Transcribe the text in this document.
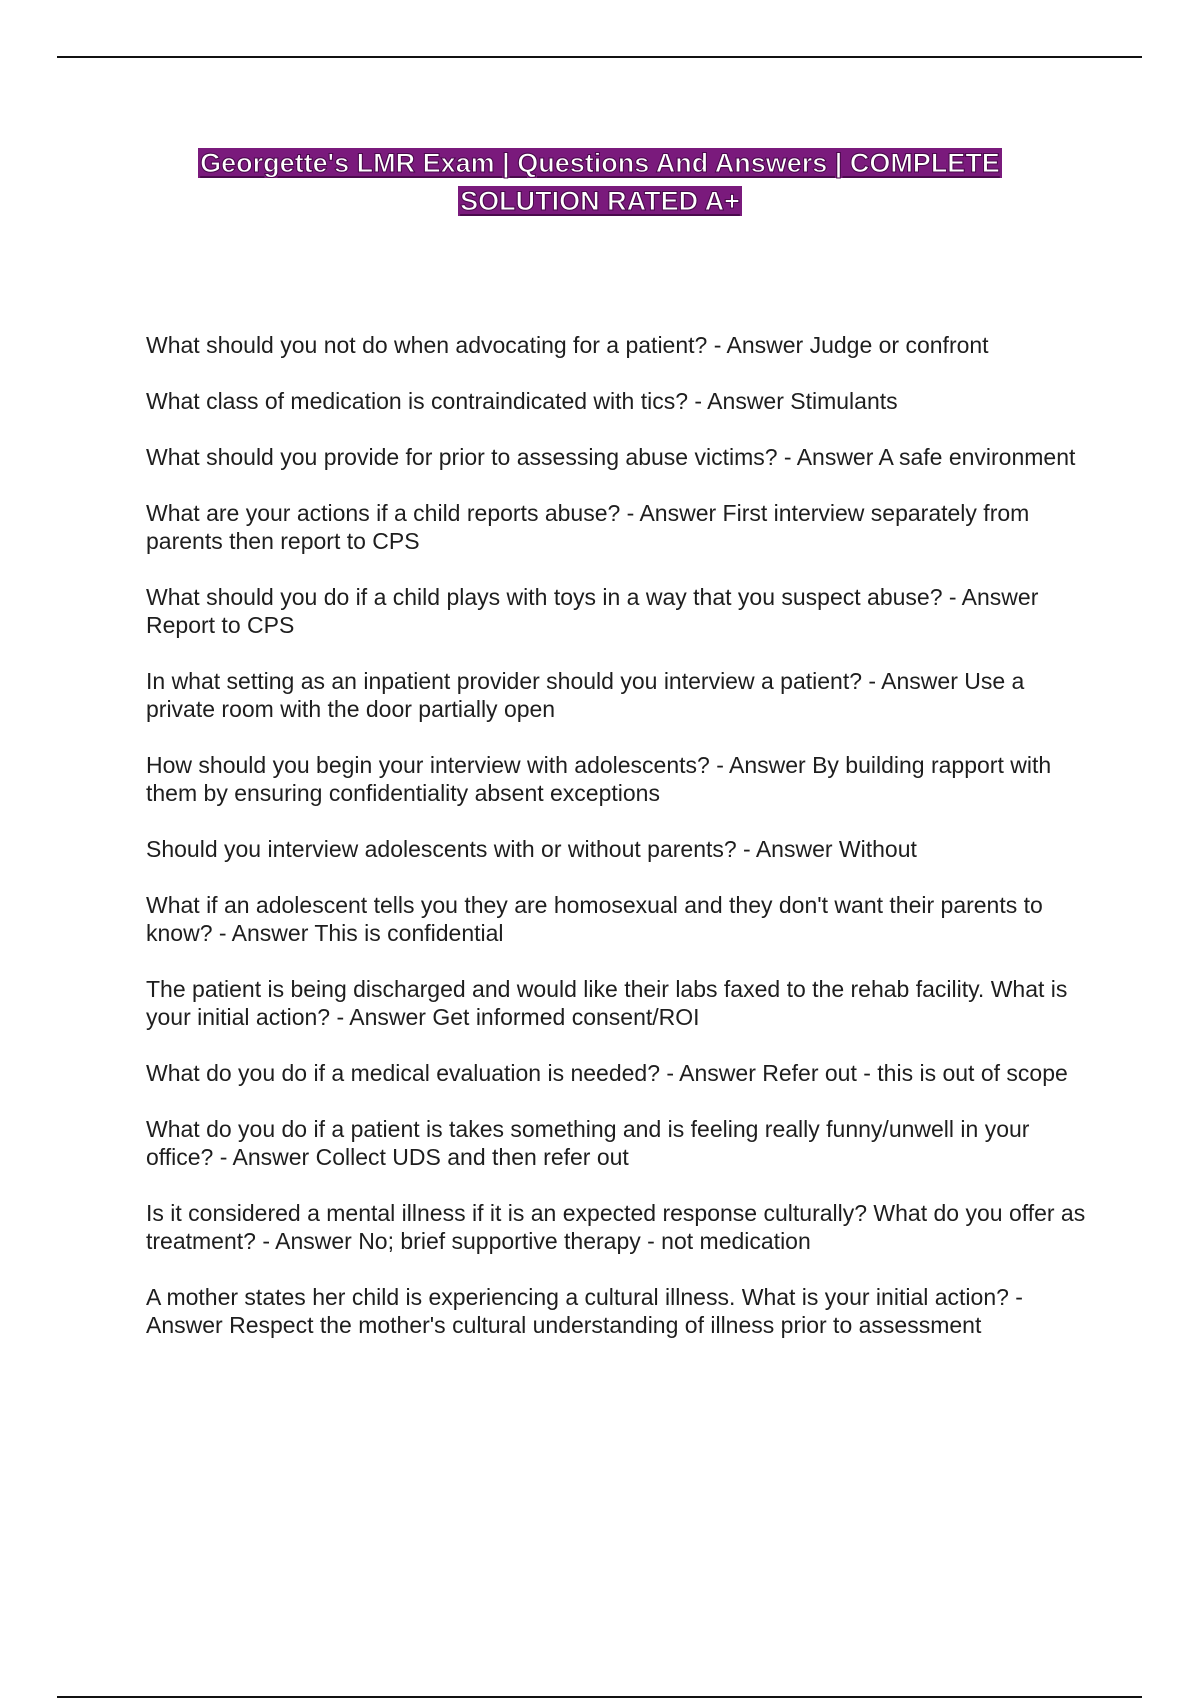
Georgette's LMR Exam | Questions And Answers | COMPLETE
SOLUTION RATED A+
What should you not do when advocating for a patient? - Answer Judge or confront
What class of medication is contraindicated with tics? - Answer Stimulants
What should you provide for prior to assessing abuse victims? - Answer A safe environment
What are your actions if a child reports abuse? - Answer First interview separately from parents then report to CPS
What should you do if a child plays with toys in a way that you suspect abuse? - Answer Report to CPS
In what setting as an inpatient provider should you interview a patient? - Answer Use a private room with the door partially open
How should you begin your interview with adolescents? - Answer By building rapport with them by ensuring confidentiality absent exceptions
Should you interview adolescents with or without parents? - Answer Without
What if an adolescent tells you they are homosexual and they don't want their parents to know? - Answer This is confidential
The patient is being discharged and would like their labs faxed to the rehab facility. What is your initial action? - Answer Get informed consent/ROI
What do you do if a medical evaluation is needed? - Answer Refer out - this is out of scope
What do you do if a patient is takes something and is feeling really funny/unwell in your office? - Answer Collect UDS and then refer out
Is it considered a mental illness if it is an expected response culturally? What do you offer as treatment? - Answer No; brief supportive therapy - not medication
A mother states her child is experiencing a cultural illness. What is your initial action? - Answer Respect the mother's cultural understanding of illness prior to assessment
